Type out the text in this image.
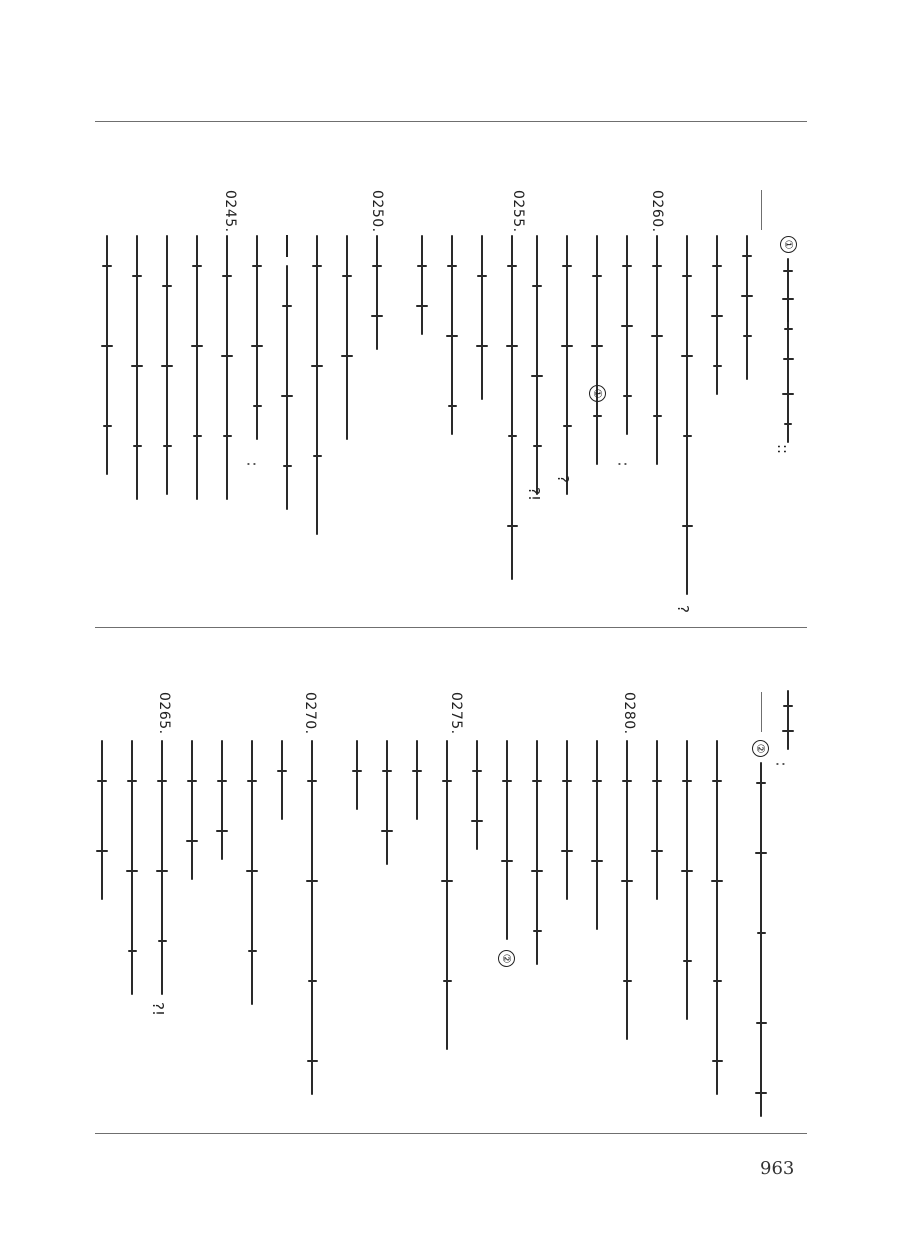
①
::
?
0260.
:
①
?
?!
0255.
0250.
:
0245.
:
②
0280.
②
0275.
0270.
?!
0265.
963
